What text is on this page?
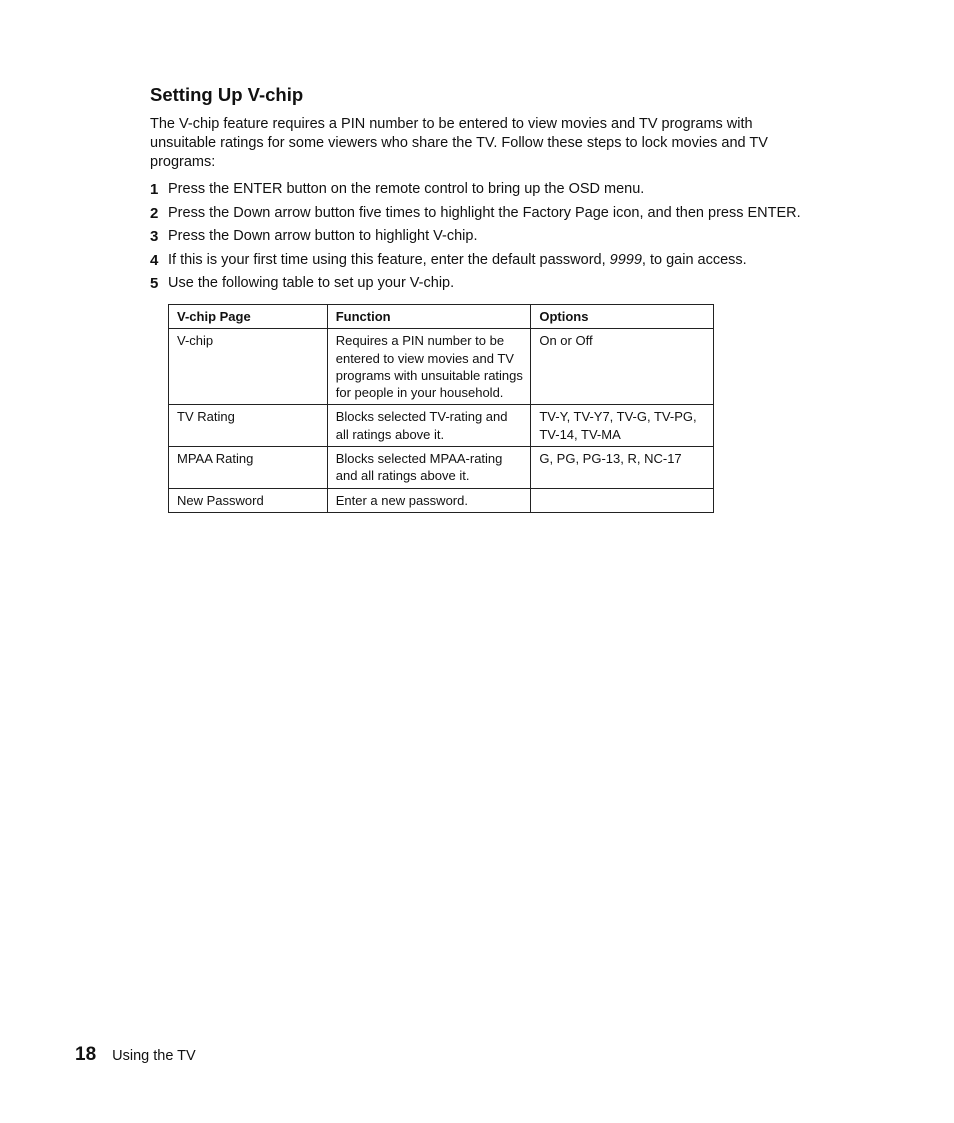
Setting Up V-chip

The V-chip feature requires a PIN number to be entered to view movies and TV programs with unsuitable ratings for some viewers who share the TV. Follow these steps to lock movies and TV programs:

1 Press the ENTER button on the remote control to bring up the OSD menu.
2 Press the Down arrow button five times to highlight the Factory Page icon, and then press ENTER.
3 Press the Down arrow button to highlight V-chip.
4 If this is your first time using this feature, enter the default password, 9999, to gain access.
5 Use the following table to set up your V-chip.
V-chip Page	Function	Options
V-chip	Requires a PIN number to be entered to view movies and TV programs with unsuitable ratings for people in your household.	On or Off
TV Rating	Blocks selected TV-rating and all ratings above it.	TV-Y, TV-Y7, TV-G, TV-PG, TV-14, TV-MA
MPAA Rating	Blocks selected MPAA-rating and all ratings above it.	G, PG, PG-13, R, NC-17
New Password	Enter a new password.	
18 Using the TV
